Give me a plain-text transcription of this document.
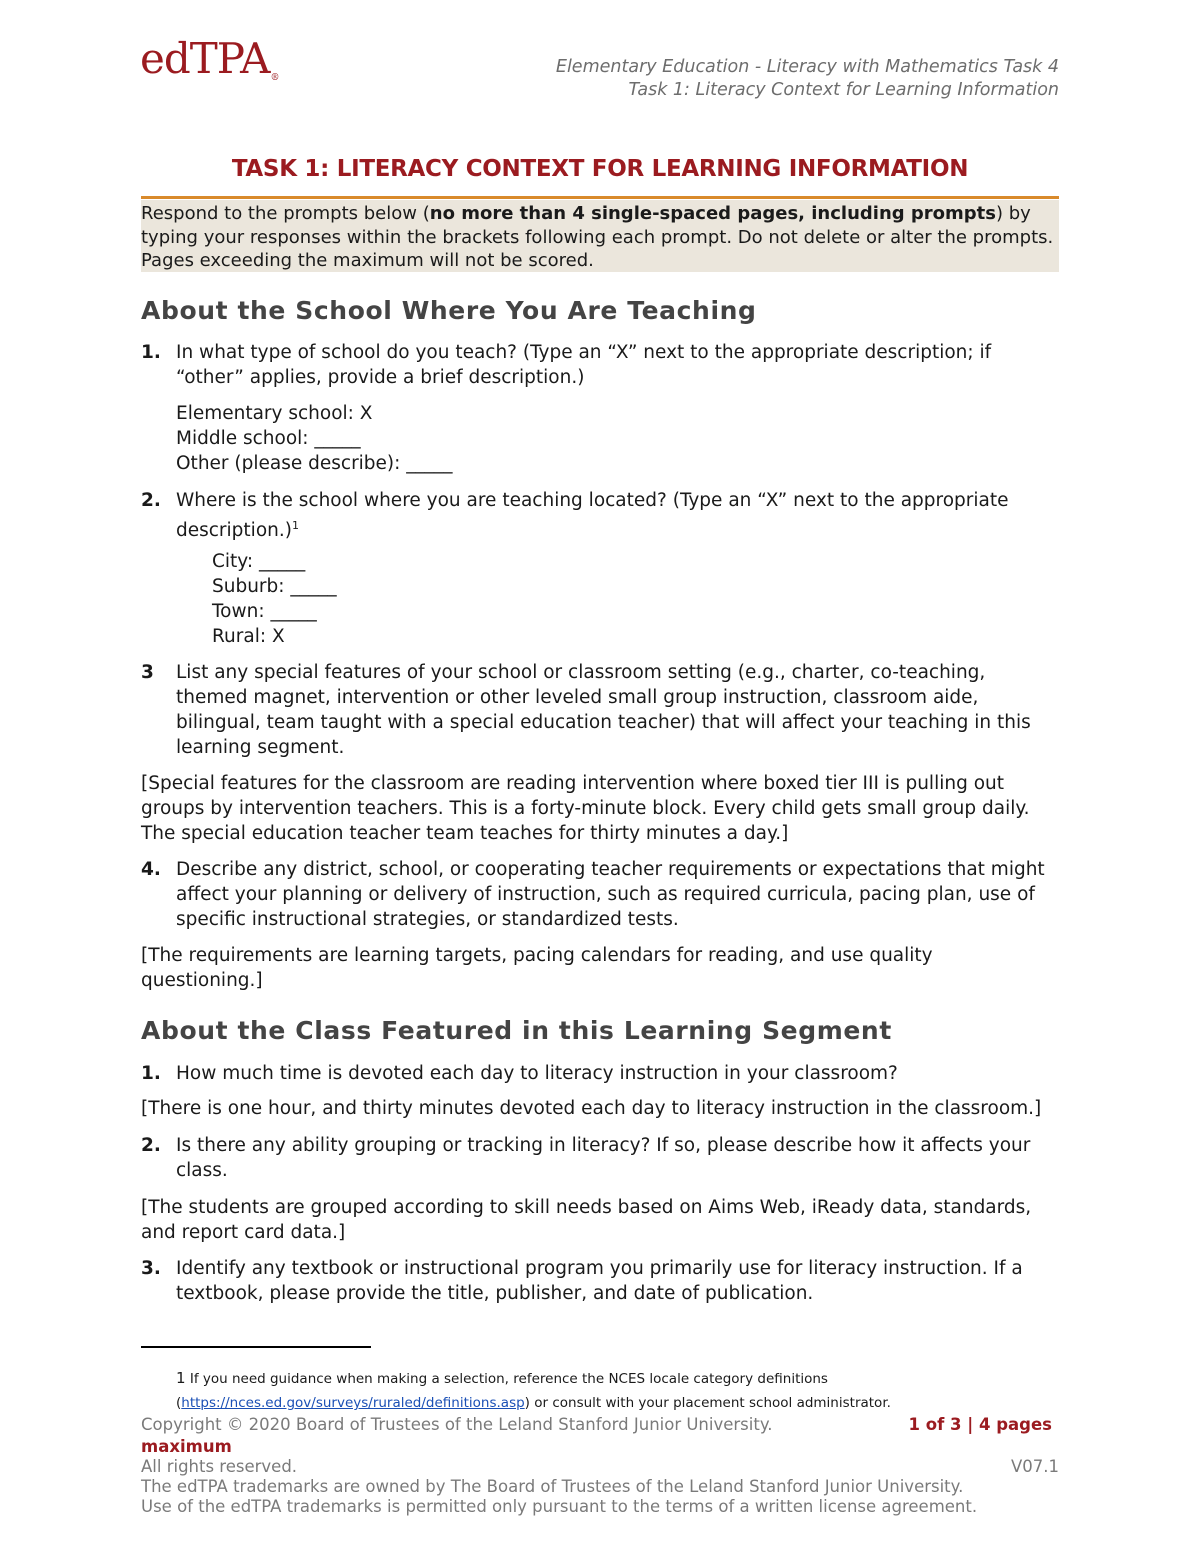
edTPA®
Elementary Education - Literacy with Mathematics Task 4
Task 1: Literacy Context for Learning Information
TASK 1: LITERACY CONTEXT FOR LEARNING INFORMATION
Respond to the prompts below (no more than 4 single-spaced pages, including prompts) by typing your responses within the brackets following each prompt. Do not delete or alter the prompts. Pages exceeding the maximum will not be scored.
About the School Where You Are Teaching
1. In what type of school do you teach? (Type an “X” next to the appropriate description; if “other” applies, provide a brief description.)
Elementary school: X
Middle school: _____
Other (please describe): _____
2. Where is the school where you are teaching located? (Type an “X” next to the appropriate description.)$^1$
City: _____
Suburb: _____
Town: _____
Rural: X
3 List any special features of your school or classroom setting (e.g., charter, co-teaching, themed magnet, intervention or other leveled small group instruction, classroom aide, bilingual, team taught with a special education teacher) that will affect your teaching in this learning segment.
[Special features for the classroom are reading intervention where boxed tier III is pulling out groups by intervention teachers. This is a forty-minute block. Every child gets small group daily. The special education teacher team teaches for thirty minutes a day.]
4. Describe any district, school, or cooperating teacher requirements or expectations that might affect your planning or delivery of instruction, such as required curricula, pacing plan, use of specific instructional strategies, or standardized tests.
[The requirements are learning targets, pacing calendars for reading, and use quality questioning.]
About the Class Featured in this Learning Segment
1. How much time is devoted each day to literacy instruction in your classroom?
[There is one hour, and thirty minutes devoted each day to literacy instruction in the classroom.]
2. Is there any ability grouping or tracking in literacy? If so, please describe how it affects your class.
[The students are grouped according to skill needs based on Aims Web, iReady data, standards, and report card data.]
3. Identify any textbook or instructional program you primarily use for literacy instruction. If a textbook, please provide the title, publisher, and date of publication.
1 If you need guidance when making a selection, reference the NCES locale category definitions
(https://nces.ed.gov/surveys/ruraled/definitions.asp) or consult with your placement school administrator.
Copyright © 2020 Board of Trustees of the Leland Stanford Junior University.	1 of 3 | 4 pages
maximum
All rights reserved.	V07.1
The edTPA trademarks are owned by The Board of Trustees of the Leland Stanford Junior University.
Use of the edTPA trademarks is permitted only pursuant to the terms of a written license agreement.
